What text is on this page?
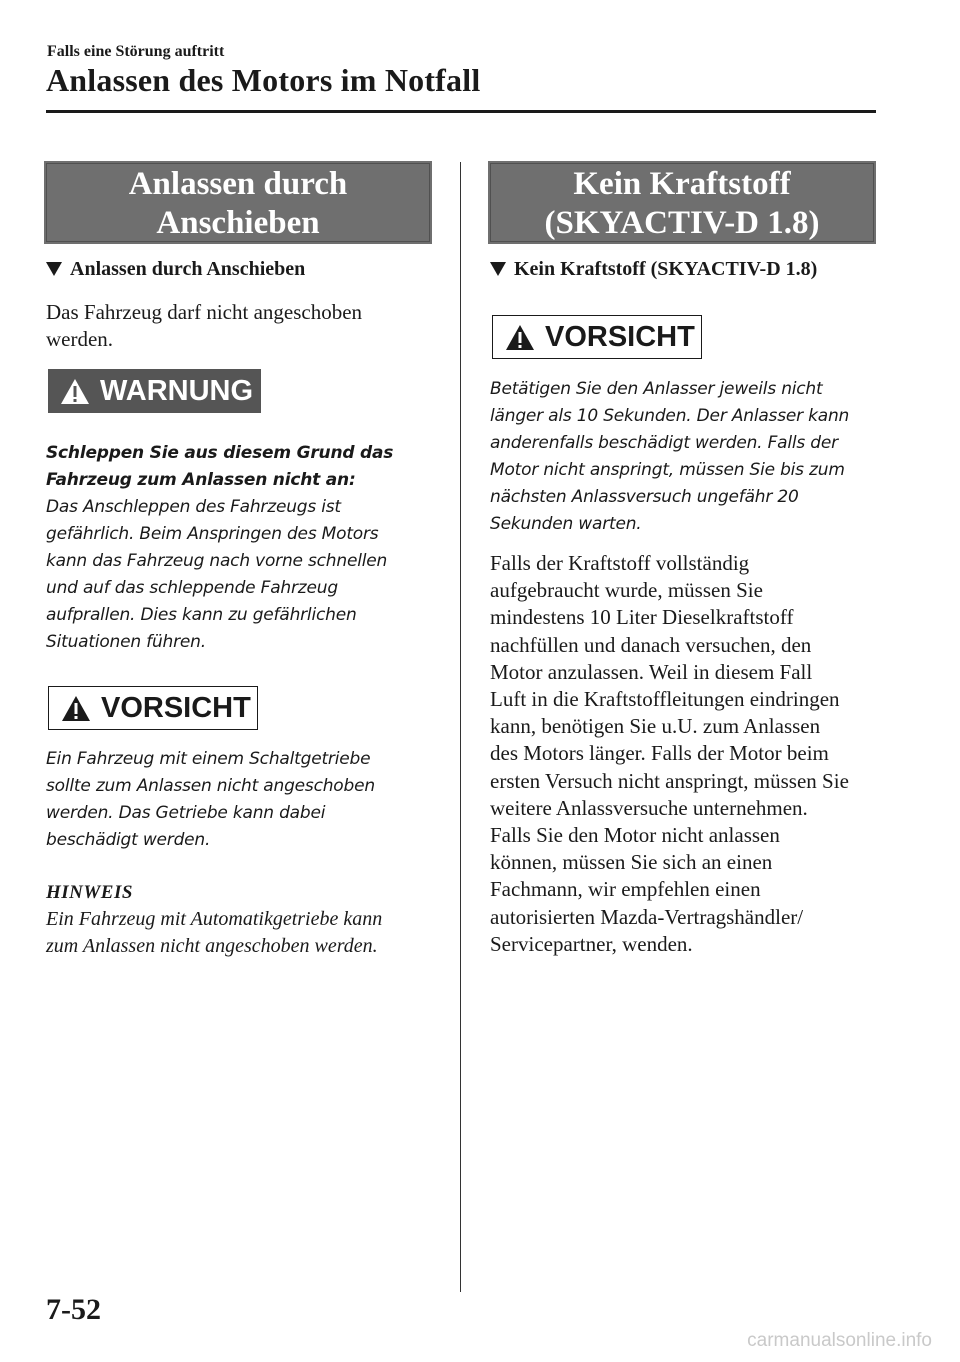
Falls eine Störung auftritt
Anlassen des Motors im Notfall
Anlassen durch
Anschieben
Anlassen durch Anschieben
Das Fahrzeug darf nicht angeschoben
werden.
WARNUNG
Schleppen Sie aus diesem Grund das
Fahrzeug zum Anlassen nicht an:
Das Anschleppen des Fahrzeugs ist
gefährlich. Beim Anspringen des Motors
kann das Fahrzeug nach vorne schnellen
und auf das schleppende Fahrzeug
aufprallen. Dies kann zu gefährlichen
Situationen führen.
VORSICHT
Ein Fahrzeug mit einem Schaltgetriebe
sollte zum Anlassen nicht angeschoben
werden. Das Getriebe kann dabei
beschädigt werden.
HINWEIS
Ein Fahrzeug mit Automatikgetriebe kann
zum Anlassen nicht angeschoben werden.
Kein Kraftstoff
(SKYACTIV-D 1.8)
Kein Kraftstoff (SKYACTIV-D 1.8)
VORSICHT
Betätigen Sie den Anlasser jeweils nicht
länger als 10 Sekunden. Der Anlasser kann
anderenfalls beschädigt werden. Falls der
Motor nicht anspringt, müssen Sie bis zum
nächsten Anlassversuch ungefähr 20
Sekunden warten.
Falls der Kraftstoff vollständig
aufgebraucht wurde, müssen Sie
mindestens 10 Liter Dieselkraftstoff
nachfüllen und danach versuchen, den
Motor anzulassen. Weil in diesem Fall
Luft in die Kraftstoffleitungen eindringen
kann, benötigen Sie u.U. zum Anlassen
des Motors länger. Falls der Motor beim
ersten Versuch nicht anspringt, müssen Sie
weitere Anlassversuche unternehmen.
Falls Sie den Motor nicht anlassen
können, müssen Sie sich an einen
Fachmann, wir empfehlen einen
autorisierten Mazda-Vertragshändler/
Servicepartner, wenden.
7-52
carmanualsonline.info
